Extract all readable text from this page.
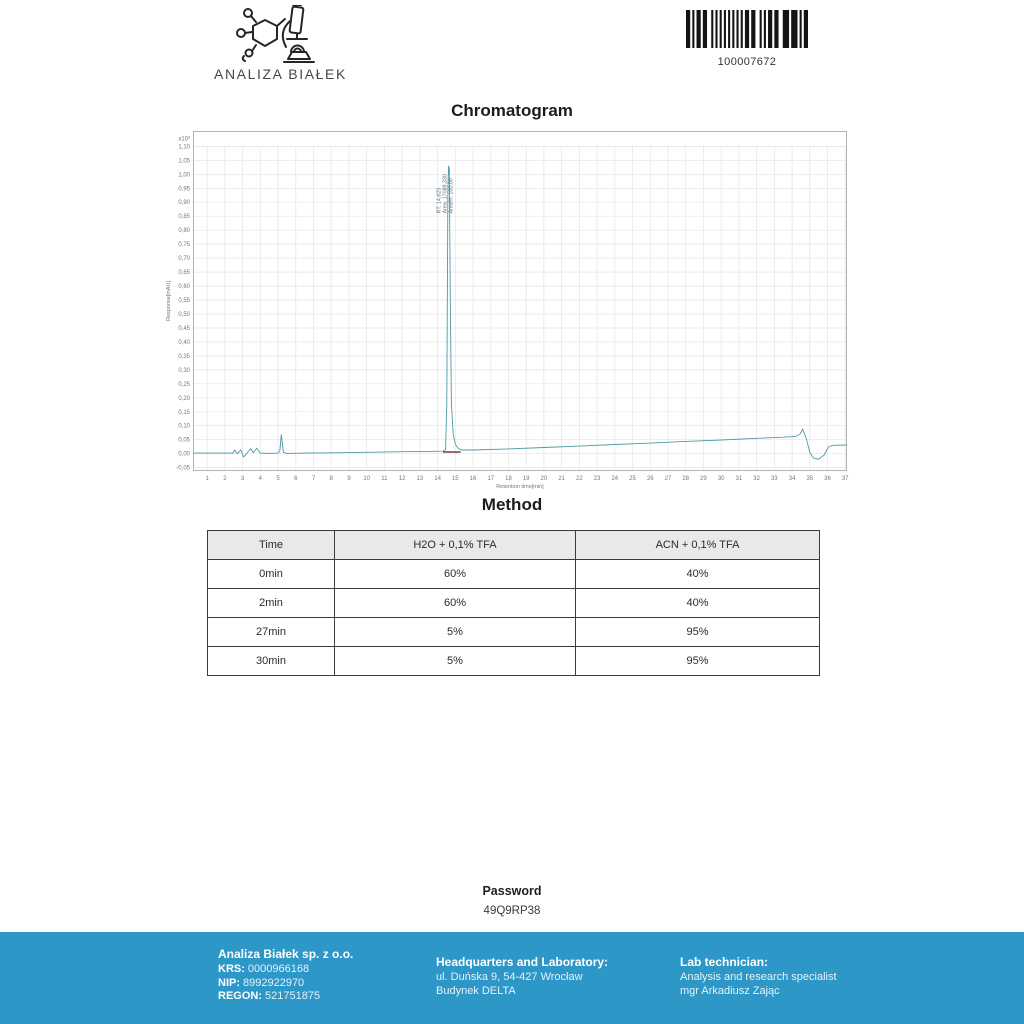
ANALIZA BIAŁEK
100007672
Chromatogram
x10²
1,10
1,05
1,00
0,95
0,90
0,85
0,80
0,75
0,70
0,65
0,60
0,55
0,50
0,45
0,40
0,35
0,30
0,25
0,20
0,15
0,10
0,05
0,00
-0,05
1 2 3 4 5 6 7 8 9 10 11 12 13 14 15 16 17 18 19 20 21 22 23 24 25 26 27 28 29 30 31 32 33 34 35 36 37
Retention time[min]
Response[mAU]
RT: 14,623 Area: 17089,330 Area%: 100,00
Method
Time	H2O + 0,1% TFA	ACN + 0,1% TFA
0min	60%	40%
2min	60%	40%
27min	5%	95%
30min	5%	95%
Password
49Q9RP38
Analiza Białek sp. z o.o.
KRS: 0000966168
NIP: 8992922970
REGON: 521751875
Headquarters and Laboratory:
ul. Duńska 9, 54-427 Wrocław
Budynek DELTA
Lab technician:
Analysis and research specialist
mgr Arkadiusz Zając
